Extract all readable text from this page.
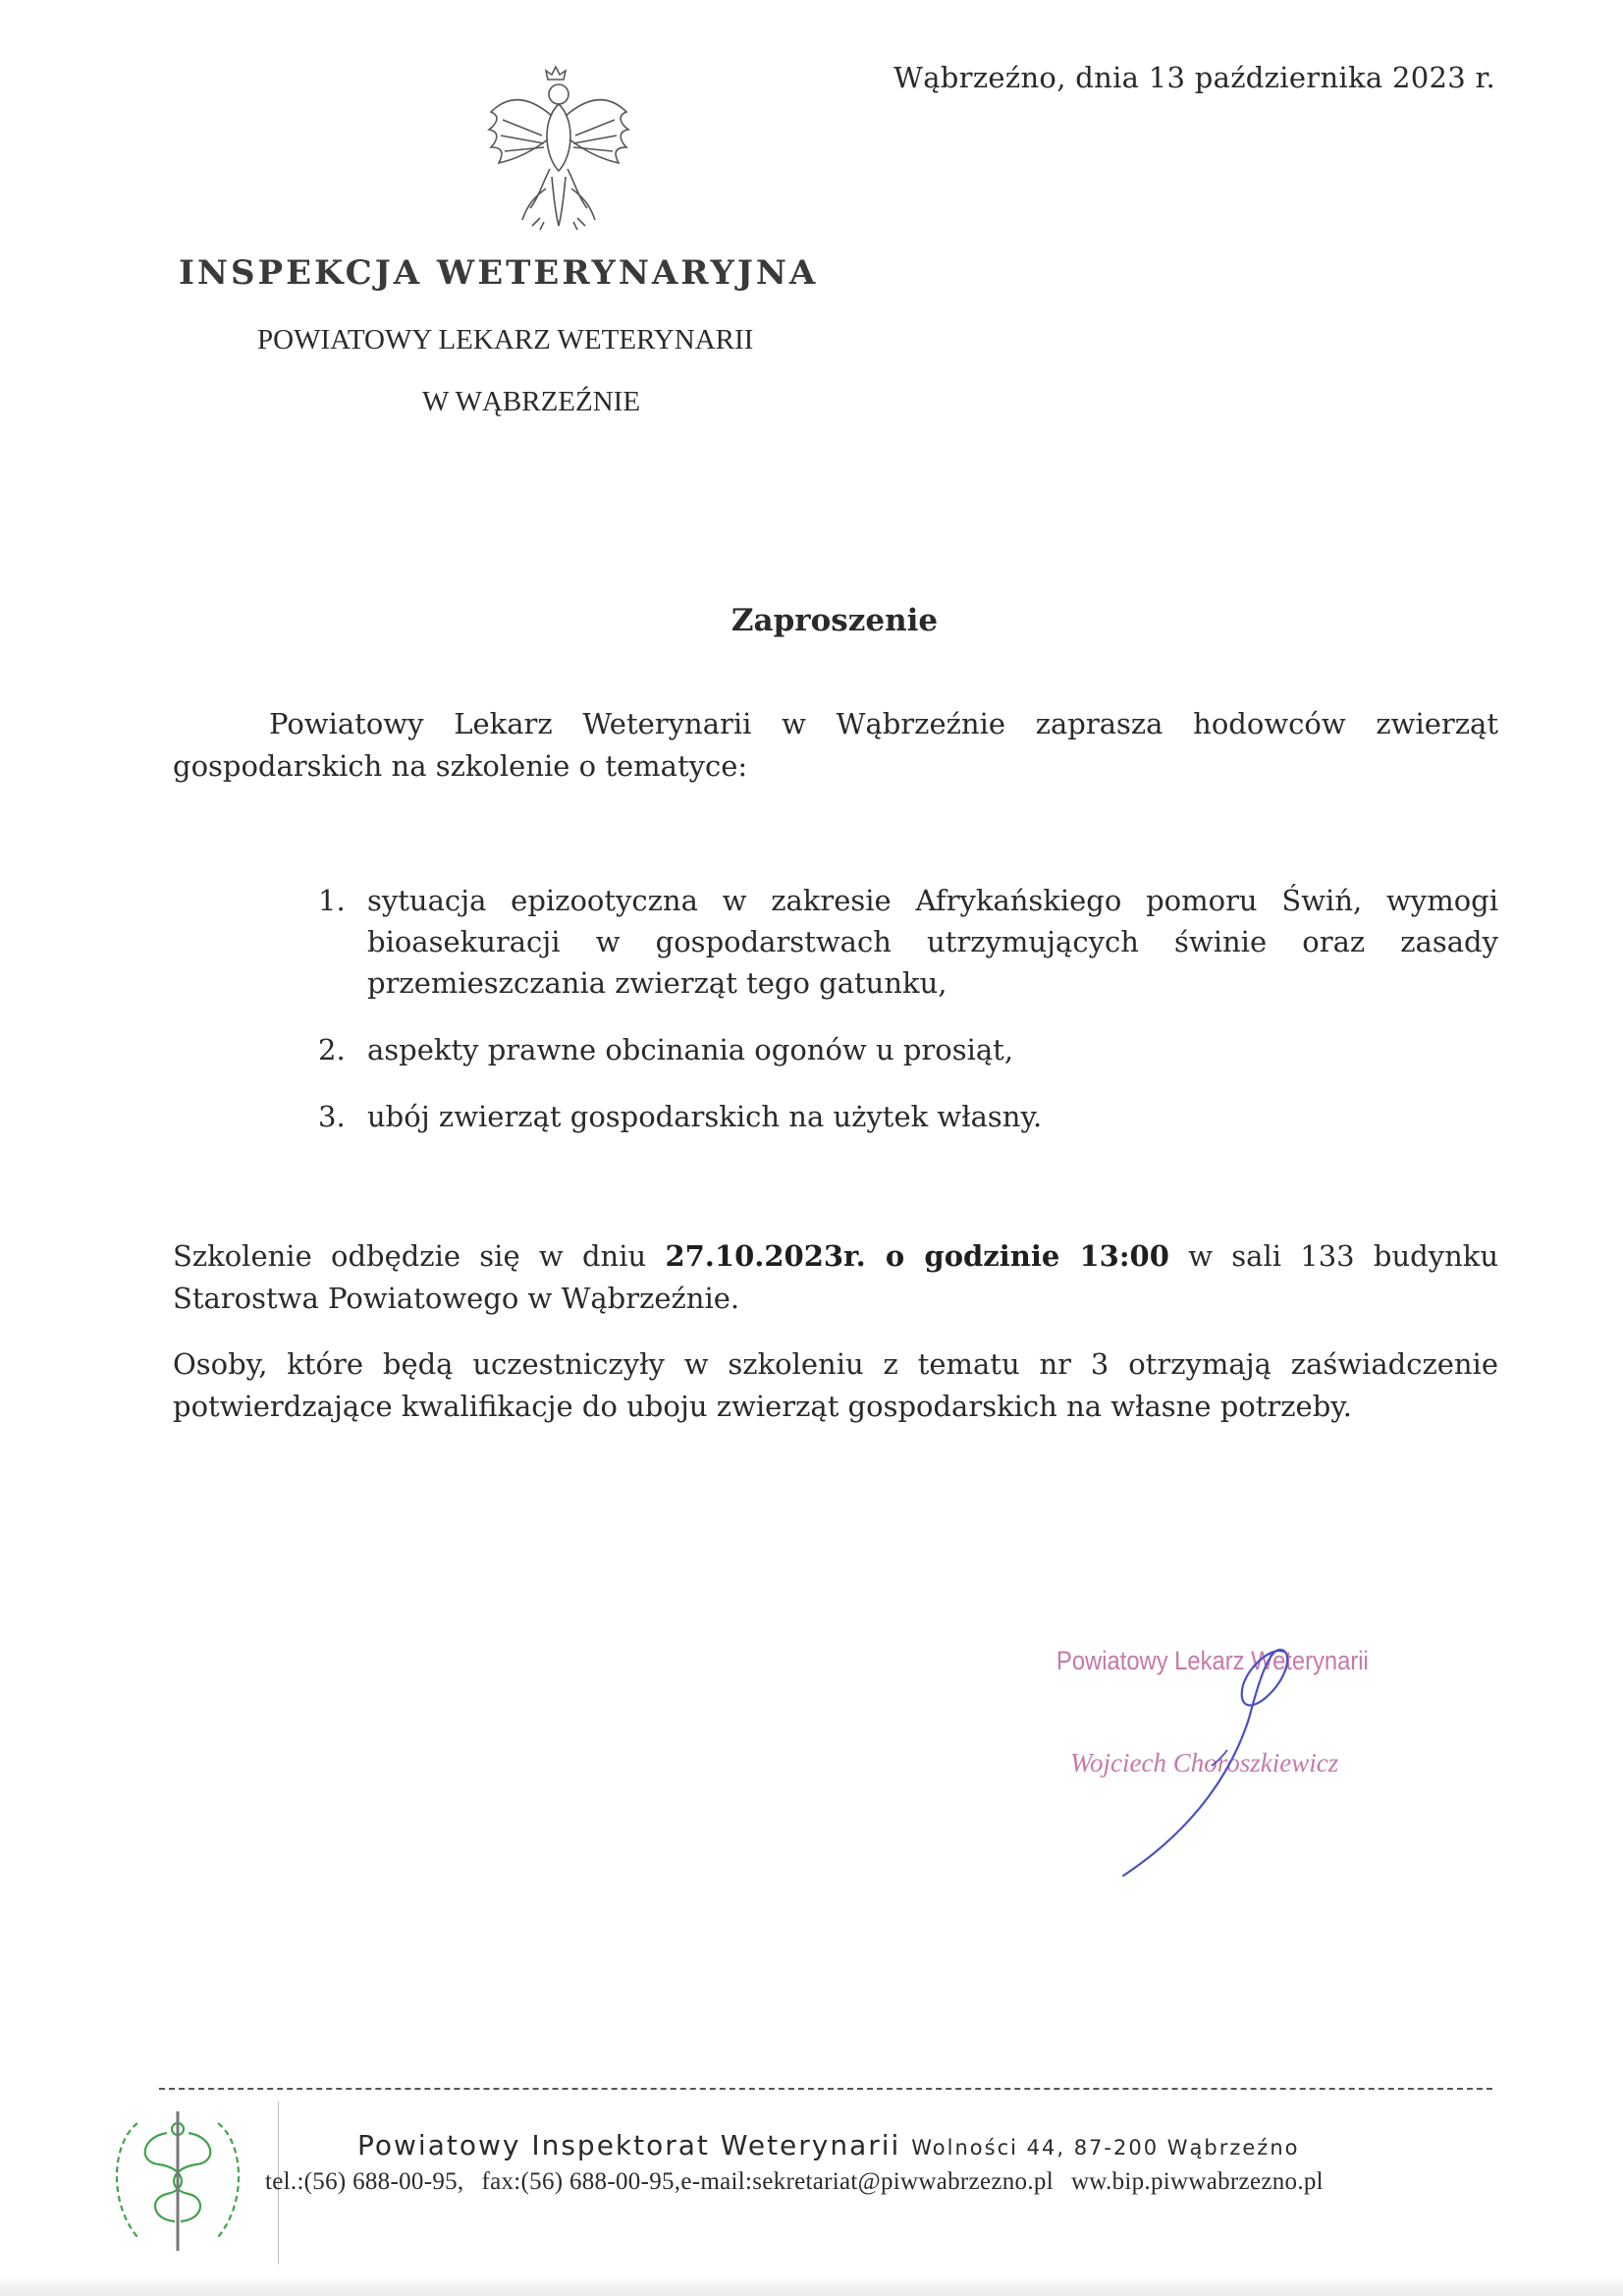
Wąbrzeźno, dnia 13 października 2023 r.
INSPEKCJA WETERYNARYJNA
POWIATOWY LEKARZ WETERYNARII
W WĄBRZEŹNIE
Zaproszenie
Powiatowy Lekarz Weterynarii w Wąbrzeźnie zaprasza hodowców zwierząt gospodarskich na szkolenie o tematyce:
1. sytuacja epizootyczna w zakresie Afrykańskiego pomoru Świń, wymogi bioasekuracji w gospodarstwach utrzymujących świnie oraz zasady przemieszczania zwierząt tego gatunku,
2. aspekty prawne obcinania ogonów u prosiąt,
3. ubój zwierząt gospodarskich na użytek własny.
Szkolenie odbędzie się w dniu 27.10.2023r. o godzinie 13:00 w sali 133 budynku Starostwa Powiatowego w Wąbrzeźnie.
Osoby, które będą uczestniczyły w szkoleniu z tematu nr 3 otrzymają zaświadczenie potwierdzające kwalifikacje do uboju zwierząt gospodarskich na własne potrzeby.
Powiatowy Lekarz Weterynarii
Wojciech Choroszkiewicz
Powiatowy Inspektorat Weterynarii Wolności 44, 87-200 Wąbrzeźno
tel.:(56) 688-00-95, fax:(56) 688-00-95,e-mail:sekretariat@piwwabrzezno.pl ww.bip.piwwabrzezno.pl
